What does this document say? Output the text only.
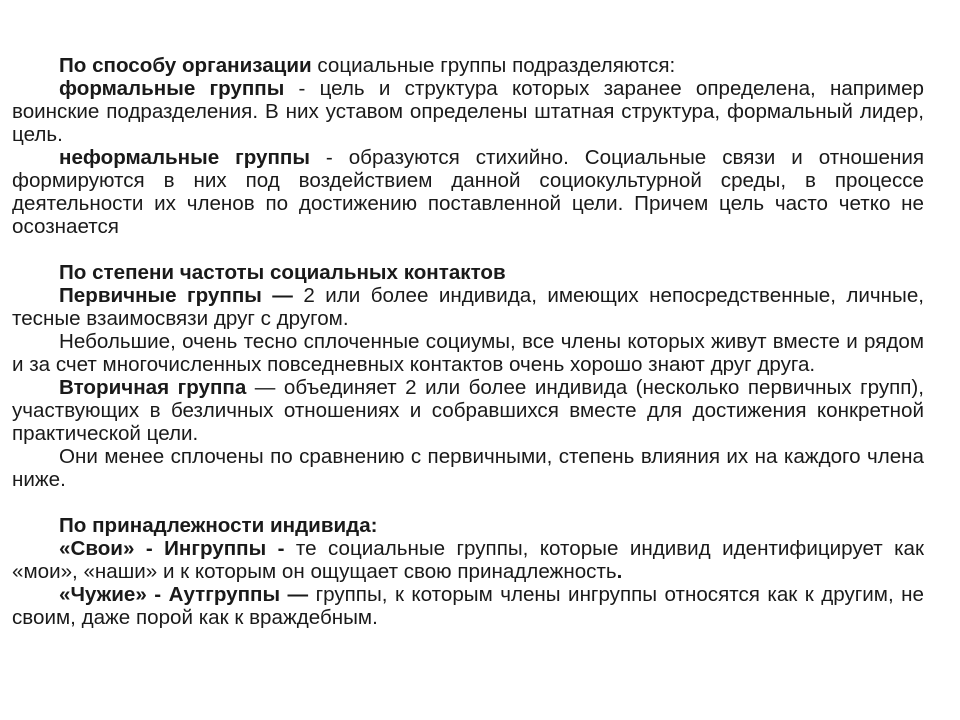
По способу организации социальные группы подразделяются:

формальные группы - цель и структура которых заранее определена, например воинские подразделения. В них уставом определены штатная структура, формальный лидер, цель.

неформальные группы - образуются стихийно. Социальные связи и отношения формируются в них под воздействием данной социокультурной среды, в процессе деятельности их членов по достижению поставленной цели. Причем цель часто четко не осознается

По степени частоты социальных контактов

Первичные группы — 2 или более индивида, имеющих непосредственные, личные, тесные взаимосвязи друг с другом.

Небольшие, очень тесно сплоченные социумы, все члены которых живут вместе и рядом и за счет многочисленных повседневных контактов очень хорошо знают друг друга.

Вторичная группа — объединяет 2 или более индивида (несколько первичных групп), участвующих в безличных отношениях и собравшихся вместе для достижения конкретной практической цели.

Они менее сплочены по сравнению с первичными, степень влияния их на каждого члена ниже.

По принадлежности индивида:

«Свои» - Ингруппы - те социальные группы, которые индивид идентифицирует как «мои», «наши» и к которым он ощущает свою принадлежность.

«Чужие» - Аутгруппы — группы, к которым члены ингруппы относятся как к другим, не своим, даже порой как к враждебным.
